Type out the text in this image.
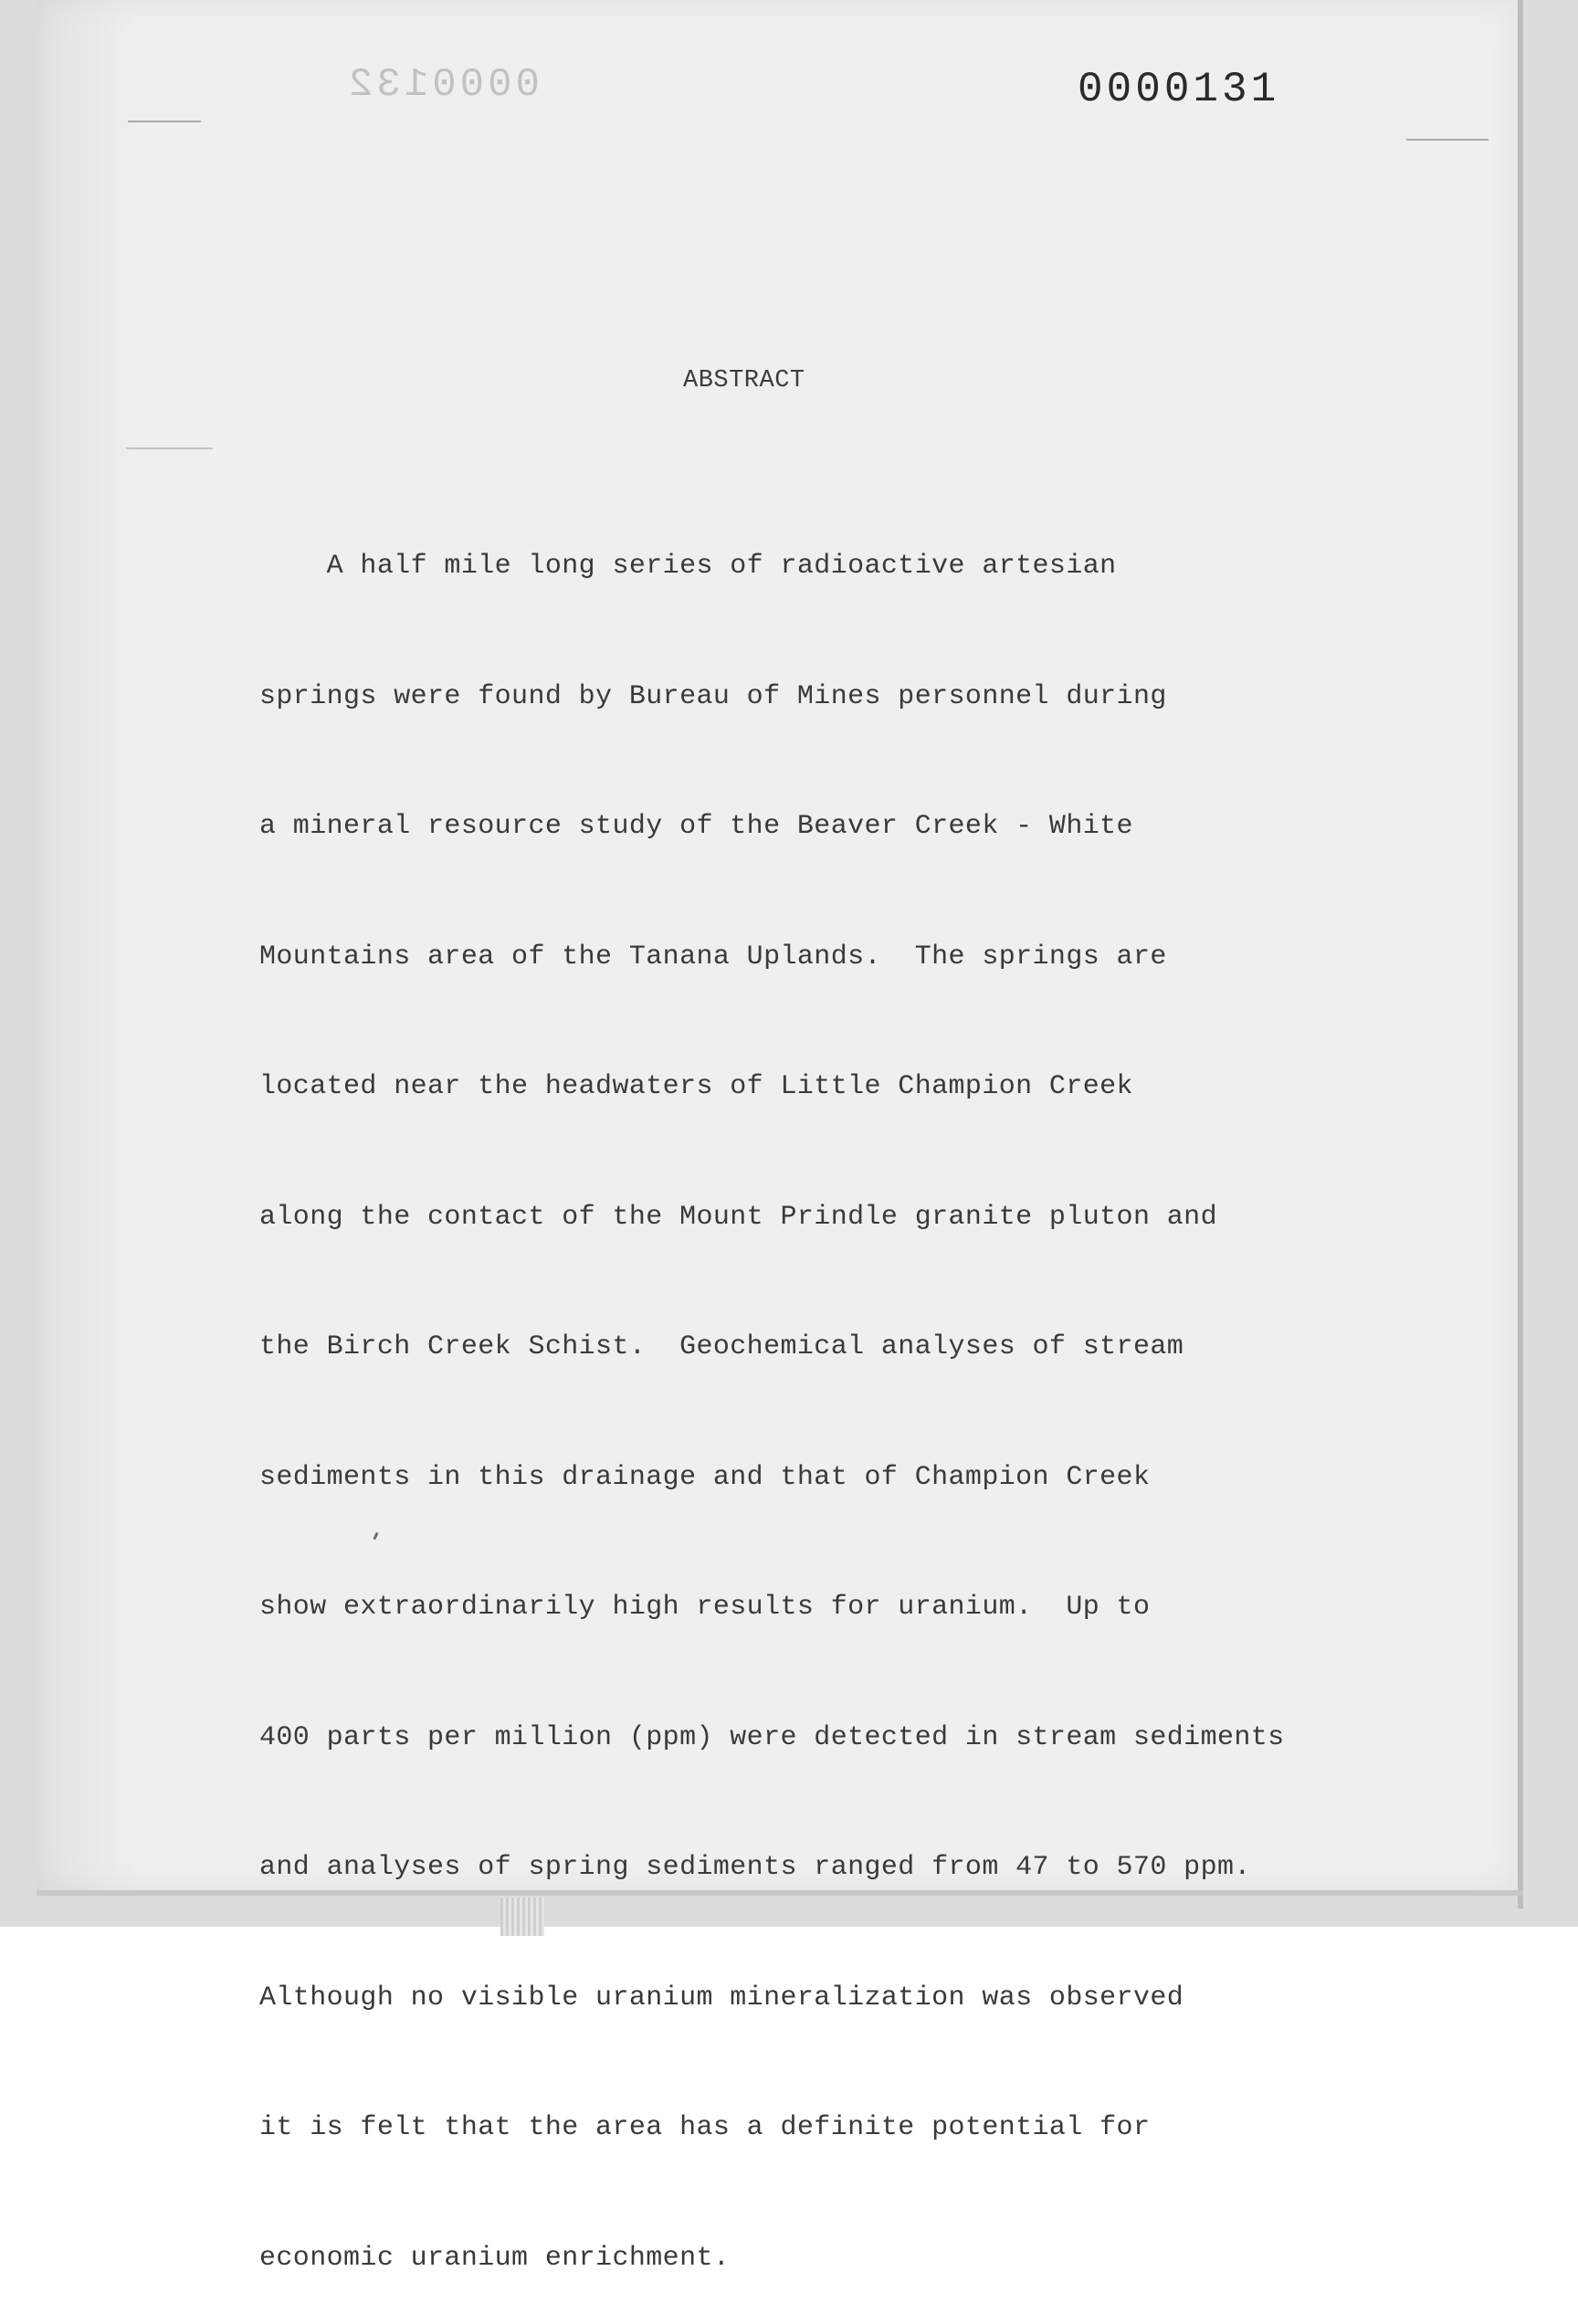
0000132	0000131
ABSTRACT

A half mile long series of radioactive artesian

springs were found by Bureau of Mines personnel during

a mineral resource study of the Beaver Creek - White

Mountains area of the Tanana Uplands.  The springs are

located near the headwaters of Little Champion Creek

along the contact of the Mount Prindle granite pluton and

the Birch Creek Schist.  Geochemical analyses of stream

sediments in this drainage and that of Champion Creek

show extraordinarily high results for uranium.  Up to

400 parts per million (ppm) were detected in stream sediments

and analyses of spring sediments ranged from 47 to 570 ppm.

Although no visible uranium mineralization was observed

it is felt that the area has a definite potential for

economic uranium enrichment.
